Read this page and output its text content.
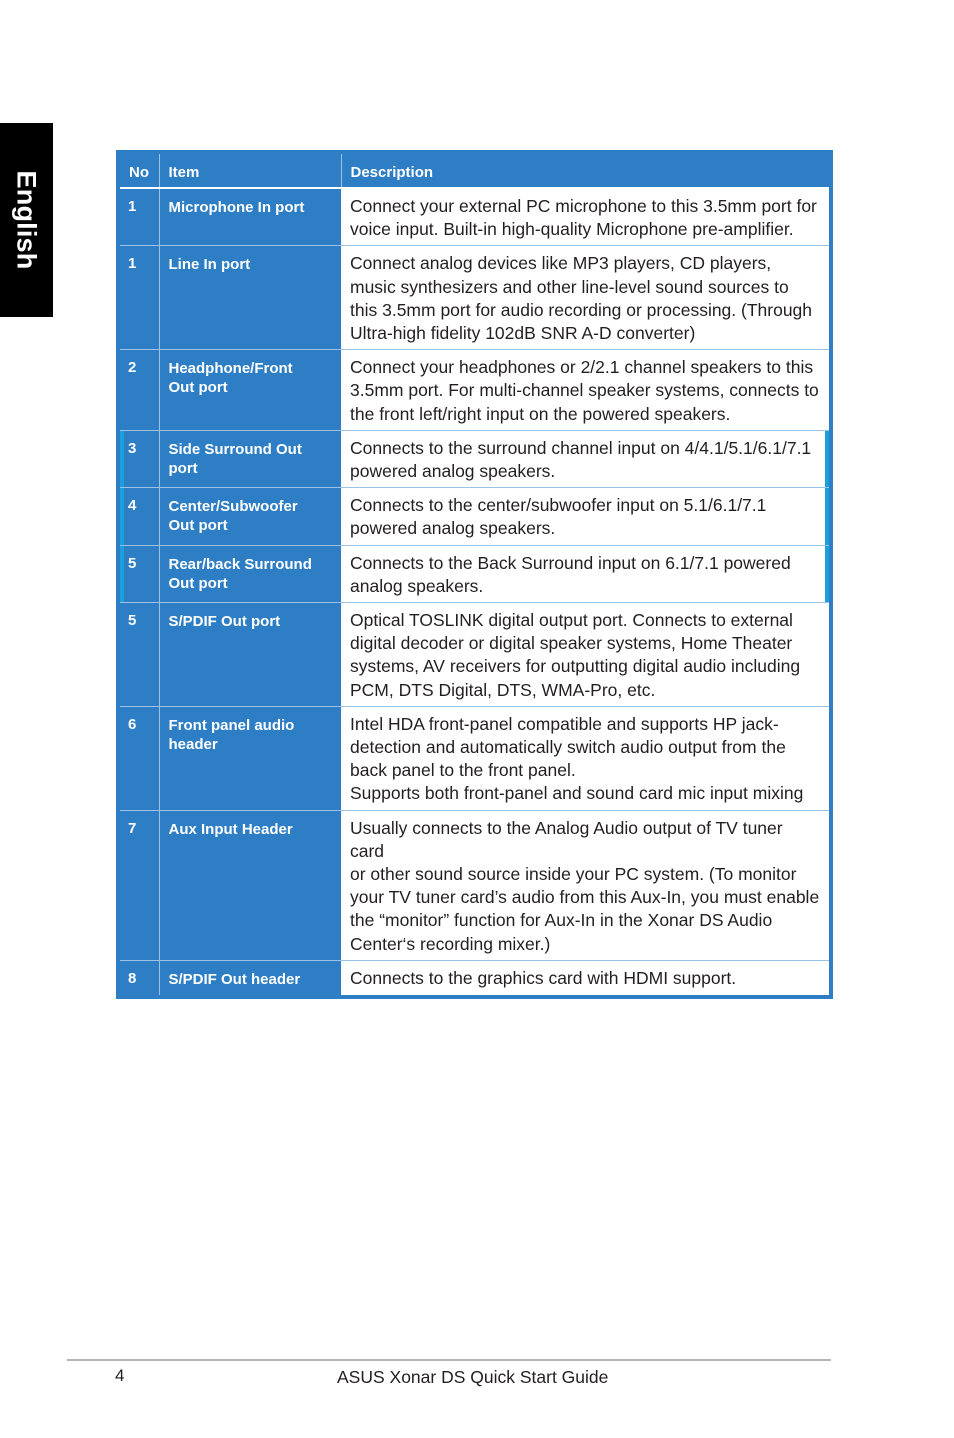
English	No	Item	Description
1	Microphone In port	Connect your external PC microphone to this 3.5mm port for
voice input. Built-in high-quality Microphone pre-amplifier.
1	Line In port	Connect analog devices like MP3 players, CD players,
music synthesizers and other line-level sound sources to
this 3.5mm port for audio recording or processing. (Through
Ultra-high fidelity 102dB SNR A-D converter)
2	Headphone/Front
Out port	Connect your headphones or 2/2.1 channel speakers to this
3.5mm port. For multi-channel speaker systems, connects to
the front left/right input on the powered speakers.
3	Side Surround Out
port	Connects to the surround channel input on 4/4.1/5.1/6.1/7.1
powered analog speakers.
4	Center/Subwoofer
Out port	Connects to the center/subwoofer input on 5.1/6.1/7.1
powered analog speakers.
5	Rear/back Surround
Out port	Connects to the Back Surround input on 6.1/7.1 powered
analog speakers.
5	S/PDIF Out port	Optical TOSLINK digital output port. Connects to external
digital decoder or digital speaker systems, Home Theater
systems, AV receivers for outputting digital audio including
PCM, DTS Digital, DTS, WMA-Pro, etc.
6	Front panel audio
header	Intel HDA front-panel compatible and supports HP jack-
detection and automatically switch audio output from the
back panel to the front panel.
Supports both front-panel and sound card mic input mixing
7	Aux Input Header	Usually connects to the Analog Audio output of TV tuner card
or other sound source inside your PC system. (To monitor
your TV tuner card’s audio from this Aux-In, you must enable
the “monitor” function for Aux-In in the Xonar DS Audio
Center‘s recording mixer.)
8	S/PDIF Out header	Connects to the graphics card with HDMI support.
4	ASUS Xonar DS Quick Start Guide
